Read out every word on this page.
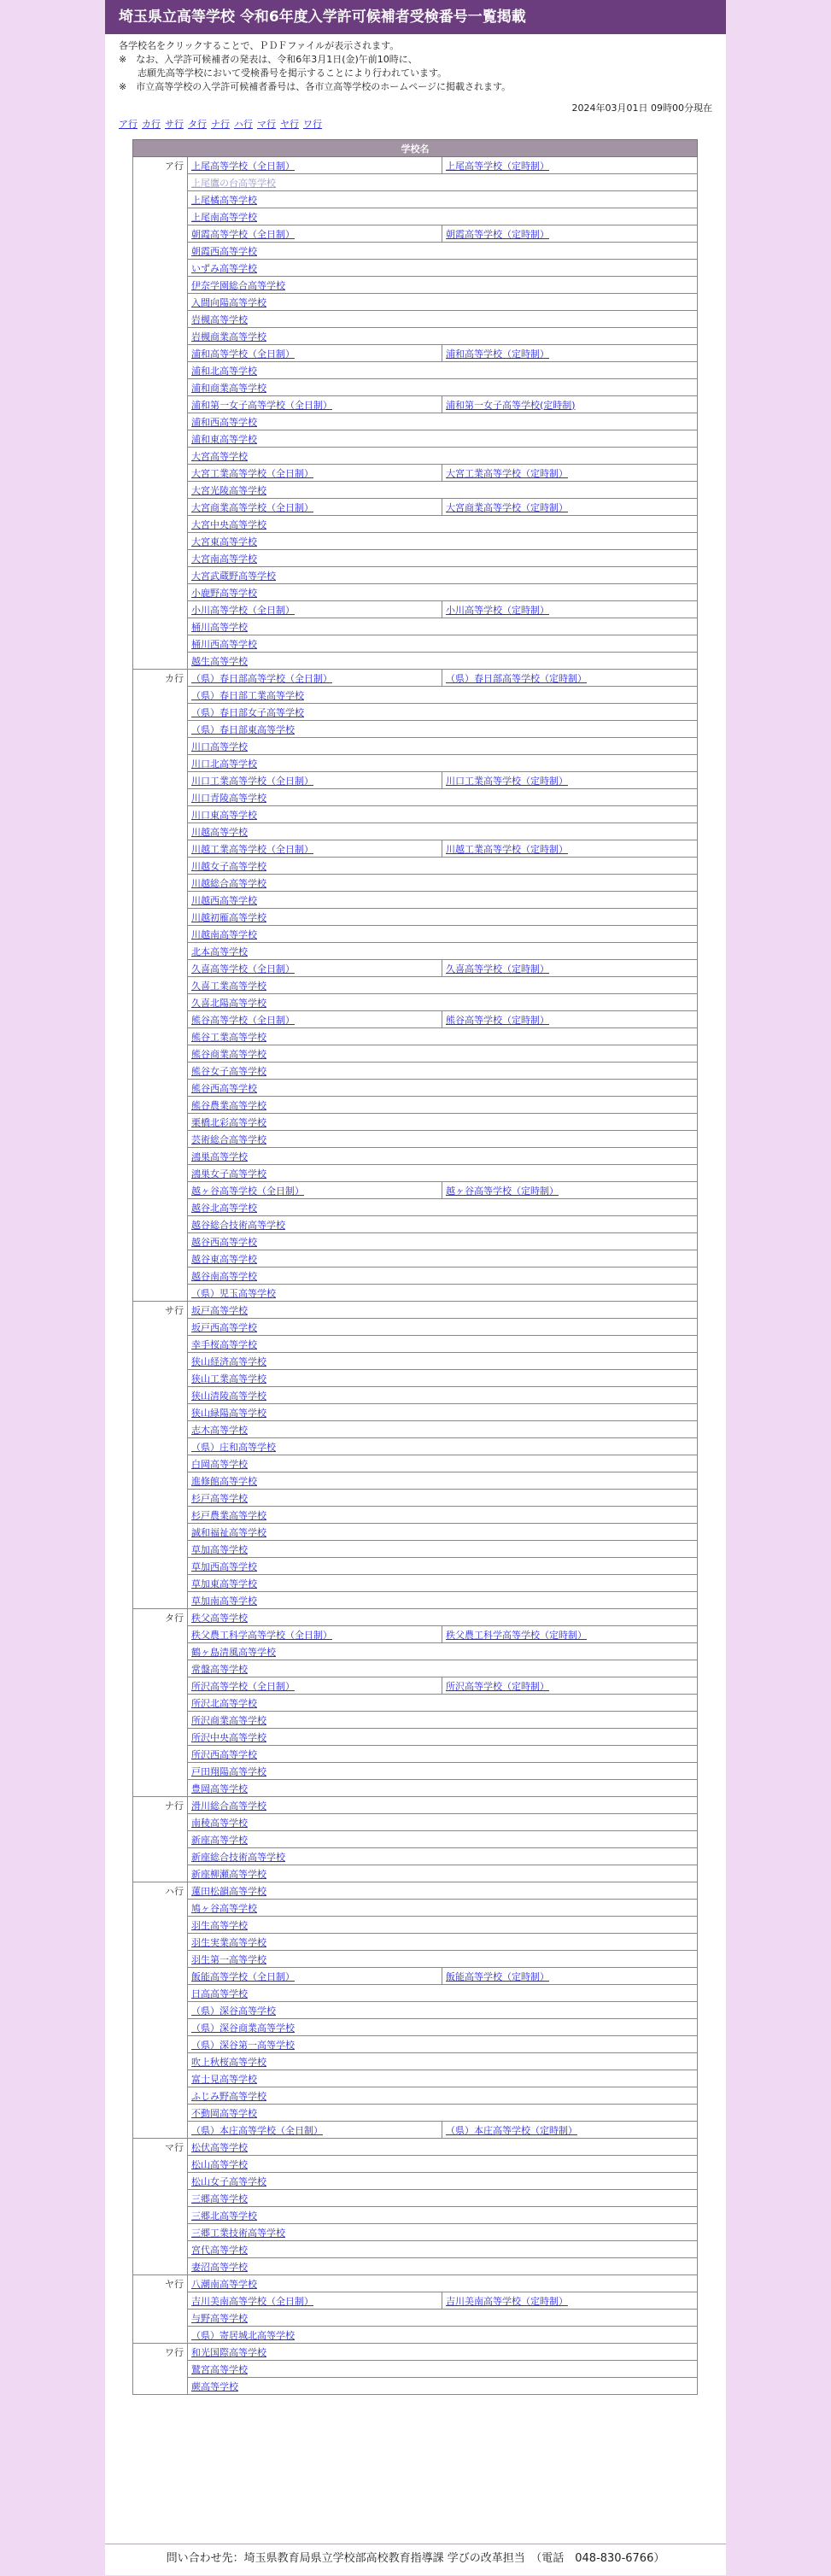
埼玉県立高等学校 令和6年度入学許可候補者受検番号一覧掲載
各学校名をクリックすることで、ＰＤＦファイルが表示されます。
※　なお、入学許可候補者の発表は、令和6年3月1日(金)午前10時に、
　　志願先高等学校において受検番号を掲示することにより行われています。
※　市立高等学校の入学許可候補者番号は、各市立高等学校のホームページに掲載されます。
2024年03月01日 09時00分現在
ア行 カ行 サ行 タ行 ナ行 ハ行 マ行 ヤ行 ワ行
学校名		
ア行	上尾高等学校（全日制）	上尾高等学校（定時制）
	上尾鷹の台高等学校	
	上尾橘高等学校	
	上尾南高等学校	
	朝霞高等学校（全日制）	朝霞高等学校（定時制）
	朝霞西高等学校	
	いずみ高等学校	
	伊奈学園総合高等学校	
	入間向陽高等学校	
	岩槻高等学校	
	岩槻商業高等学校	
	浦和高等学校（全日制）	浦和高等学校（定時制）
	浦和北高等学校	
	浦和商業高等学校	
	浦和第一女子高等学校（全日制）	浦和第一女子高等学校(定時制)
	浦和西高等学校	
	浦和東高等学校	
	大宮高等学校	
	大宮工業高等学校（全日制）	大宮工業高等学校（定時制）
	大宮光陵高等学校	
	大宮商業高等学校（全日制）	大宮商業高等学校（定時制）
	大宮中央高等学校	
	大宮東高等学校	
	大宮南高等学校	
	大宮武蔵野高等学校	
	小鹿野高等学校	
	小川高等学校（全日制）	小川高等学校（定時制）
	桶川高等学校	
	桶川西高等学校	
	越生高等学校	
カ行	（県）春日部高等学校（全日制）	（県）春日部高等学校（定時制）
	（県）春日部工業高等学校	
	（県）春日部女子高等学校	
	（県）春日部東高等学校	
	川口高等学校	
	川口北高等学校	
	川口工業高等学校（全日制）	川口工業高等学校（定時制）
	川口青陵高等学校	
	川口東高等学校	
	川越高等学校	
	川越工業高等学校（全日制）	川越工業高等学校（定時制）
	川越女子高等学校	
	川越総合高等学校	
	川越西高等学校	
	川越初雁高等学校	
	川越南高等学校	
	北本高等学校	
	久喜高等学校（全日制）	久喜高等学校（定時制）
	久喜工業高等学校	
	久喜北陽高等学校	
	熊谷高等学校（全日制）	熊谷高等学校（定時制）
	熊谷工業高等学校	
	熊谷商業高等学校	
	熊谷女子高等学校	
	熊谷西高等学校	
	熊谷農業高等学校	
	栗橋北彩高等学校	
	芸術総合高等学校	
	鴻巣高等学校	
	鴻巣女子高等学校	
	越ヶ谷高等学校（全日制）	越ヶ谷高等学校（定時制）
	越谷北高等学校	
	越谷総合技術高等学校	
	越谷西高等学校	
	越谷東高等学校	
	越谷南高等学校	
	（県）児玉高等学校	
サ行	坂戸高等学校	
	坂戸西高等学校	
	幸手桜高等学校	
	狭山経済高等学校	
	狭山工業高等学校	
	狭山清陵高等学校	
	狭山緑陽高等学校	
	志木高等学校	
	（県）庄和高等学校	
	白岡高等学校	
	進修館高等学校	
	杉戸高等学校	
	杉戸農業高等学校	
	誠和福祉高等学校	
	草加高等学校	
	草加西高等学校	
	草加東高等学校	
	草加南高等学校	
タ行	秩父高等学校	
	秩父農工科学高等学校（全日制）	秩父農工科学高等学校（定時制）
	鶴ヶ島清風高等学校	
	常盤高等学校	
	所沢高等学校（全日制）	所沢高等学校（定時制）
	所沢北高等学校	
	所沢商業高等学校	
	所沢中央高等学校	
	所沢西高等学校	
	戸田翔陽高等学校	
	豊岡高等学校	
ナ行	滑川総合高等学校	
	南稜高等学校	
	新座高等学校	
	新座総合技術高等学校	
	新座柳瀬高等学校	
ハ行	蓮田松韻高等学校	
	鳩ヶ谷高等学校	
	羽生高等学校	
	羽生実業高等学校	
	羽生第一高等学校	
	飯能高等学校（全日制）	飯能高等学校（定時制）
	日高高等学校	
	（県）深谷高等学校	
	（県）深谷商業高等学校	
	（県）深谷第一高等学校	
	吹上秋桜高等学校	
	富士見高等学校	
	ふじみ野高等学校	
	不動岡高等学校	
	（県）本庄高等学校（全日制）	（県）本庄高等学校（定時制）
マ行	松伏高等学校	
	松山高等学校	
	松山女子高等学校	
	三郷高等学校	
	三郷北高等学校	
	三郷工業技術高等学校	
	宮代高等学校	
	妻沼高等学校	
ヤ行	八潮南高等学校	
	吉川美南高等学校（全日制）	吉川美南高等学校（定時制）
	与野高等学校	
	（県）寄居城北高等学校	
ワ行	和光国際高等学校	
	鷲宮高等学校	
	蕨高等学校	
問い合わせ先：埼玉県教育局県立学校部高校教育指導課 学びの改革担当　（電話　048-830-6766）
